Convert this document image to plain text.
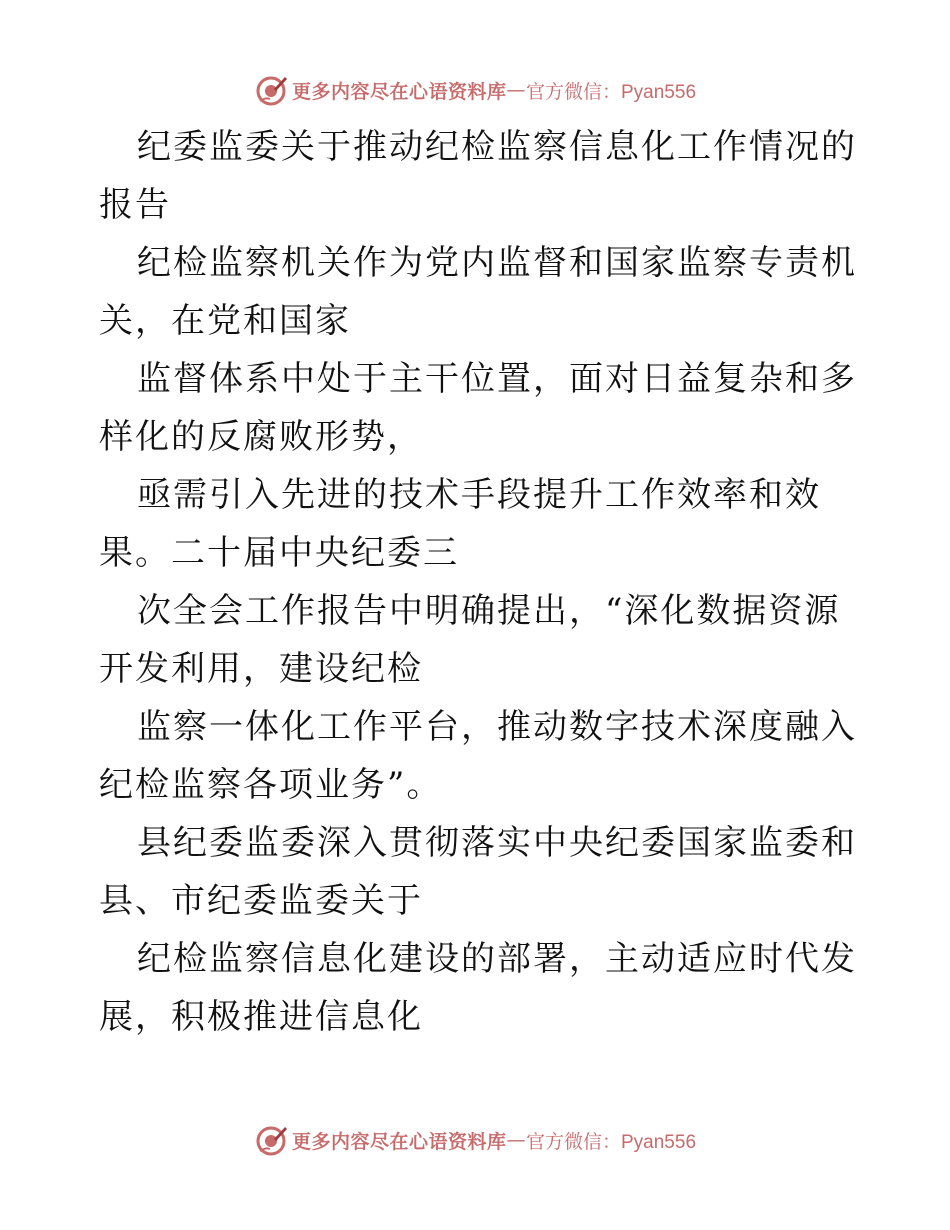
更多内容尽在心语资料库 — 官方微信：Pyan556

纪委监委关于推动纪检监察信息化工作情况的报告

纪检监察机关作为党内监督和国家监察专责机关，在党和国家

监督体系中处于主干位置，面对日益复杂和多样化的反腐败形势，

亟需引入先进的技术手段提升工作效率和效果。二十届中央纪委三

次全会工作报告中明确提出，“深化数据资源开发利用，建设纪检

监察一体化工作平台，推动数字技术深度融入纪检监察各项业务”。

县纪委监委深入贯彻落实中央纪委国家监委和县、市纪委监委关于

纪检监察信息化建设的部署，主动适应时代发展，积极推进信息化

更多内容尽在心语资料库 — 官方微信：Pyan556
